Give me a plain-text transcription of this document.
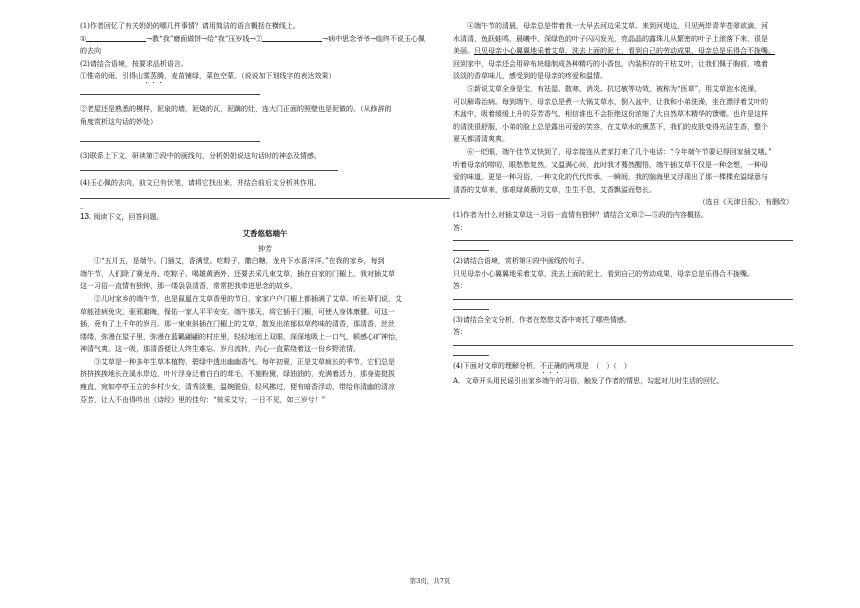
(1)作者回忆了有关奶奶的哪几件事情？请用简洁的语言概括在横线上。

①	→教“我”磨面做饼→给“我”压岁钱→②	→病中思念爷爷→临终不说玉心佩

的去向

(2)请结合语境，按要求品析语言。

①惟奇的雨，引得山雾蒸腾，麦苗铺绿，菜色空蒙。（说说加下划线字的表达效果）

②老屋还是熟悉的模样，泥泉的墙，泥烧的瓦，泥蹢的灶，连大门正面的照壁也是泥做的。（从修辞的

角度赏析这句话的妙处）

(3)联系上下文，研读第⑦段中的画线句，分析奶奶说这句话时的神态及情感。

(4)玉心佩的去向，前文已有伏笔，请将它找出来，并结合前后文分析其作用。

_

13. 阅读下文，回答问题。

艾香悠悠端午

钟芳

①“五月五，是端午。门插艾，香满堂。吃粽子，撒白糖，龙舟下水喜洋洋。”在我的家乡，每到

端午节，人们除了赛龙舟、吃粽子、喝雄黄酒外，还要去采几束艾草，插在自家的门楣上。我对插艾草

这一习俗一直情有独钟，那一缕袅袅清香，常常把我牵进思念的故乡。

②儿时家乡的端午节，也是氤氲在艾草香里的节日，家家户户门楣上都插满了艾草。听长辈们说，艾

草能祛病免灾，驱邪避晦，保佑一家人平平安安。端午那天，将它插于门楣，可使人身体康健。可这一

插，竟有了上千年的岁月。那一束束斜插在门楣上的艾草，散发出浓郁似草药味的清香，那清香，丝丝

缕缕，弥漫在屋子里，弥漫在蓝瓤翩翩的村庄里，轻轻地闭上双眼，深深地吸上一口气，顿感心旷神怡，

神清气爽。这一吸，那清香便让人终生难忘，岁月流转，内心一直萦绕着这一份乡野浓情。

③艾草是一种多年生草本植物，碧绿中透出幽幽香气。每年初夏，正是艾草疯长的季节，它们总是

挤挤挨挨地长在溪水岸边，叶片浮身泛着白白的茸毛，不施粉黛，绿油油的，充满着活力，那身姿挺拔

瘦直，宛如亭亭玉立的乡村少女，清秀淡雅，温婉脱俗，轻风拂过，便有暗香浮动，带给你清幽的清凉

芬芳，让人不由得吟出《诗经》里的佳句：“彼采艾兮，一日不见，如三岁兮！”

④端午节的清晨，母亲总是带着我一大早去河边采艾草。来到河堤边，只见两岸青苹苍翠欲滴，河

水清清，鱼跃蛙鸣，晨曦中，深绿色的叶子闪闪发光，亮晶晶的露珠儿从繁密的叶子上滚落下来，很是

美丽。只见母亲小心翼翼地采着艾草，洗去上面的泥土，看到自己的劳动成果，母亲总是乐得合不拢嘴。

回到家中，母亲还会用碎布块缝制成各种精巧的小香包，内装积存的干枯艾叶，让我们佩于胸前，嗅着

淡淡的香草味儿，感受到的是母亲的疼爱和温情。

⑤新说艾草全身是宝，有祛湿、散寒、消炎、抗过敏等功效，被称为“医草”，用艾草泡水洗澡，

可以解毒治病。每到端午，母亲总是煮一大锅艾草水，倒入盆中，让我和小弟洗澡，坐在漂浮着艾叶的

木盆中，吸着缓缓上升的芬芳香气，相信谁也不会拒绝这份浓缩了大自然草木精华的馈赠。也许是这样

的清洗很舒服，小弟的脸上总是露出可爱的笑容，在艾草水的熏蒸下，我们的皮肤变得光洁生香，整个

夏天都清清爽爽。

⑥一眨眼，端午佳节又快到了，母亲接连从老家打来了几个电话：“今年端午节要记得回家插艾哦。”

听着母亲的唠叨，眼愁愁复然，又温满心间，此时我才蓦然醒悟，端午插艾草不仅是一种念想，一种母

爱的味道，更是一种习俗，一种文化的代代传承，一瞬间，我的脑海里又浮现出了那一棵棵充溢绿意与

清香的艾草来，那艰绿黄薇的艾草，生生不息，艾香飘溢而悠长。

（选自《天津日报》，有删改）

(1)作者为什么对插艾草这一习俗一直情有独钟？请结合文章②—⑤段的内容概括。

答：

(2)请结合语境，赏析第④段中画线的句子。

只见母亲小心翼翼地采着艾草，洗去上面的泥土，看到自己的劳动成果，母亲总是乐得合不拢嘴。

答：

(3)请结合全文分析，作者在悠悠艾香中寄托了哪些情感。

答：

(4)下面对文章的理解分析，不正确的两项是　（　）（　）

A．文章开头用民谣引出家乡端午的习俗，触发了作者的情思，勾起对儿时生活的回忆。

第3页，共7页
